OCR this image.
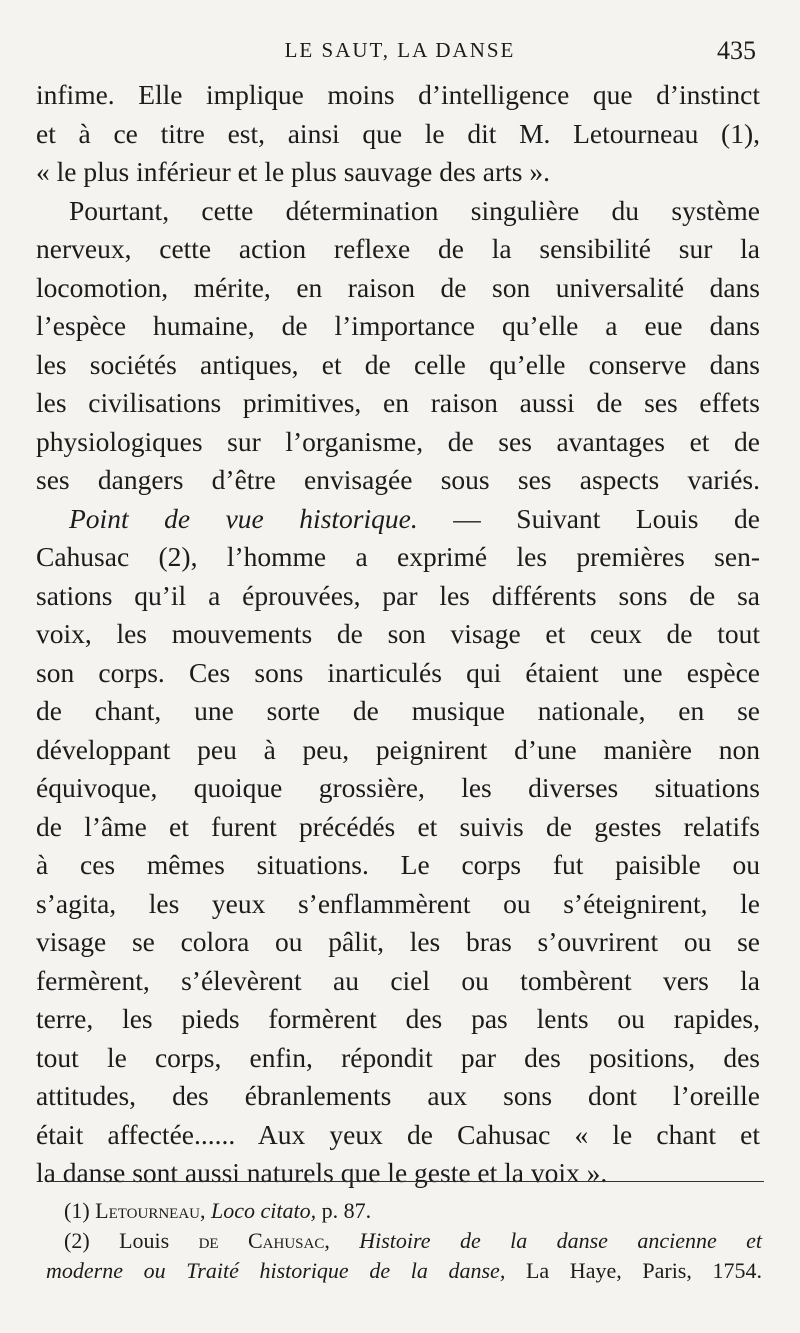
LE SAUT, LA DANSE	435
infime. Elle implique moins d’intelligence que d’instinct
et à ce titre est, ainsi que le dit M. Letourneau (1),
« le plus inférieur et le plus sauvage des arts ».
Pourtant, cette détermination singulière du système
nerveux, cette action reflexe de la sensibilité sur la
locomotion, mérite, en raison de son universalité dans
l’espèce humaine, de l’importance qu’elle a eue dans
les sociétés antiques, et de celle qu’elle conserve dans
les civilisations primitives, en raison aussi de ses effets
physiologiques sur l’organisme, de ses avantages et de
ses dangers d’être envisagée sous ses aspects variés.
Point de vue historique. — Suivant Louis de
Cahusac (2), l’homme a exprimé les premières sen-
sations qu’il a éprouvées, par les différents sons de sa
voix, les mouvements de son visage et ceux de tout
son corps. Ces sons inarticulés qui étaient une espèce
de chant, une sorte de musique nationale, en se
développant peu à peu, peignirent d’une manière non
équivoque, quoique grossière, les diverses situations
de l’âme et furent précédés et suivis de gestes relatifs
à ces mêmes situations. Le corps fut paisible ou
s’agita, les yeux s’enflammèrent ou s’éteignirent, le
visage se colora ou pâlit, les bras s’ouvrirent ou se
fermèrent, s’élevèrent au ciel ou tombèrent vers la
terre, les pieds formèrent des pas lents ou rapides,
tout le corps, enfin, répondit par des positions, des
attitudes, des ébranlements aux sons dont l’oreille
était affectée...... Aux yeux de Cahusac « le chant et
la danse sont aussi naturels que le geste et la voix ».
(1) Letourneau, Loco citato, p. 87.
(2) Louis de Cahusac, Histoire de la danse ancienne et
moderne ou Traité historique de la danse, La Haye, Paris, 1754.
